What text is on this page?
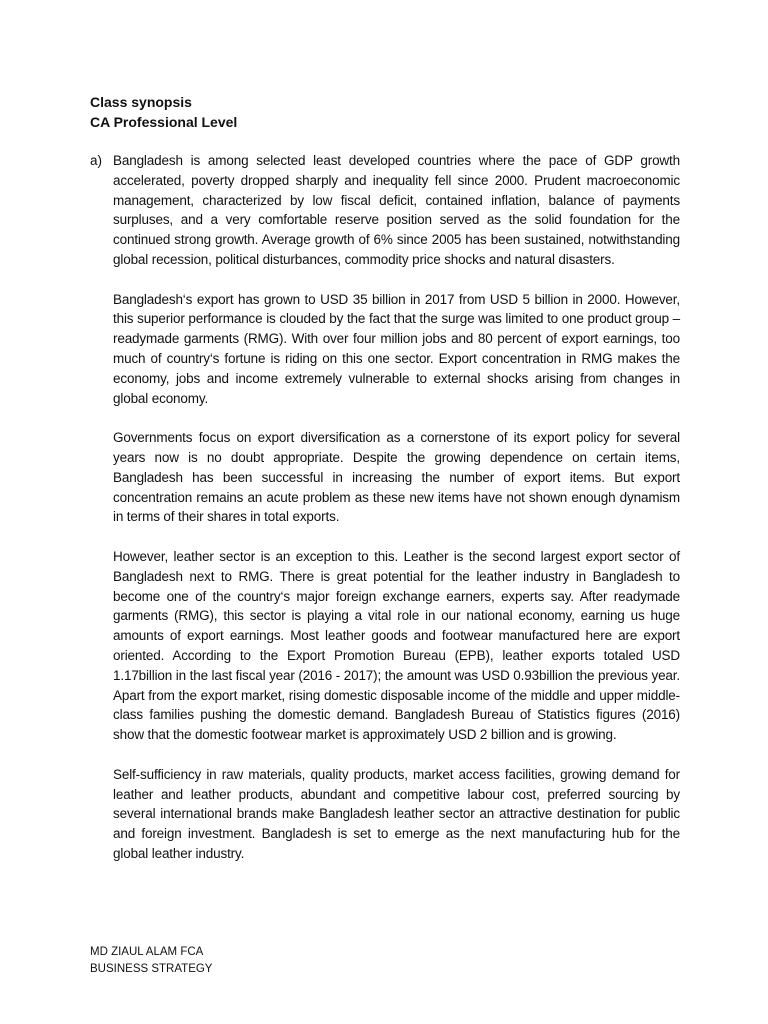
Class synopsis
CA Professional Level
a) Bangladesh is among selected least developed countries where the pace of GDP growth accelerated, poverty dropped sharply and inequality fell since 2000. Prudent macroeconomic management, characterized by low fiscal deficit, contained inflation, balance of payments surpluses, and a very comfortable reserve position served as the solid foundation for the continued strong growth. Average growth of 6% since 2005 has been sustained, notwithstanding global recession, political disturbances, commodity price shocks and natural disasters.

Bangladesh‘s export has grown to USD 35 billion in 2017 from USD 5 billion in 2000. However, this superior performance is clouded by the fact that the surge was limited to one product group – readymade garments (RMG). With over four million jobs and 80 percent of export earnings, too much of country‘s fortune is riding on this one sector. Export concentration in RMG makes the economy, jobs and income extremely vulnerable to external shocks arising from changes in global economy.

Governments focus on export diversification as a cornerstone of its export policy for several years now is no doubt appropriate. Despite the growing dependence on certain items, Bangladesh has been successful in increasing the number of export items. But export concentration remains an acute problem as these new items have not shown enough dynamism in terms of their shares in total exports.

However, leather sector is an exception to this. Leather is the second largest export sector of Bangladesh next to RMG. There is great potential for the leather industry in Bangladesh to become one of the country‘s major foreign exchange earners, experts say. After readymade garments (RMG), this sector is playing a vital role in our national economy, earning us huge amounts of export earnings. Most leather goods and footwear manufactured here are export oriented. According to the Export Promotion Bureau (EPB), leather exports totaled USD 1.17billion in the last fiscal year (2016 - 2017); the amount was USD 0.93billion the previous year. Apart from the export market, rising domestic disposable income of the middle and upper middle-class families pushing the domestic demand. Bangladesh Bureau of Statistics figures (2016) show that the domestic footwear market is approximately USD 2 billion and is growing.

Self-sufficiency in raw materials, quality products, market access facilities, growing demand for leather and leather products, abundant and competitive labour cost, preferred sourcing by several international brands make Bangladesh leather sector an attractive destination for public and foreign investment. Bangladesh is set to emerge as the next manufacturing hub for the global leather industry.

MD ZIAUL ALAM FCA
BUSINESS STRATEGY
